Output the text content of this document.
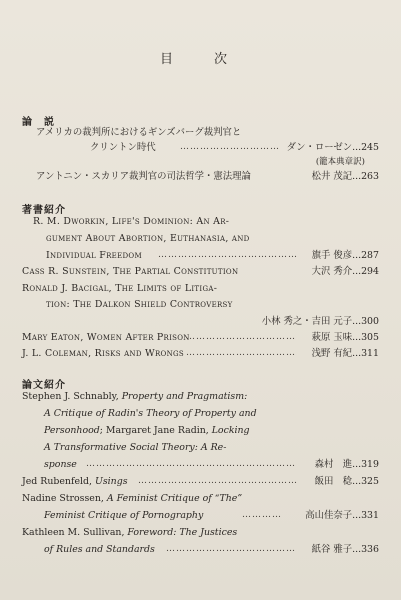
目　次
論　説
アメリカの裁判所におけるギンズバーグ裁判官と
クリントン時代	………………………… ダン・ローゼン...245
(籠本典章訳)
アントニン・スカリア裁判官の司法哲学・憲法理論	松井 茂記...263
著書紹介
R. M. Dworkin, Life's Dominion: An Ar-
gument About Abortion, Euthanasia, and
Individual Freedom …………………………………… 旗手 俊彦...287
Cass R. Sunstein, The Partial Constitution	大沢 秀介...294
Ronald J. Bacigal, The Limits of Litiga-
tion: The Dalkon Shield Controversy
小林 秀之・吉田 元子...300
Mary Eaton, Women After Prison
…………………………… 萩原 玉味...305
J. L. Coleman, Risks and Wrongs …………………………… 浅野 有紀...311
論文紹介
Stephen J. Schnably, Property and Pragmatism:
A Critique of Radin's Theory of Property and
Personhood; Margaret Jane Radin, Locking
A Transformative Social Theory: A Re-
sponse ……………………………………………………… 森村　進...319
Jed Rubenfeld, Usings ………………………………………… 飯田　稔...325
Nadine Strossen, A Feminist Critique of “The”
Feminist Critique of Pornography	………… 高山佳奈子...331
Kathleen M. Sullivan, Foreword: The Justices
of Rules and Standards ………………………………… 紙谷 雅子...336
